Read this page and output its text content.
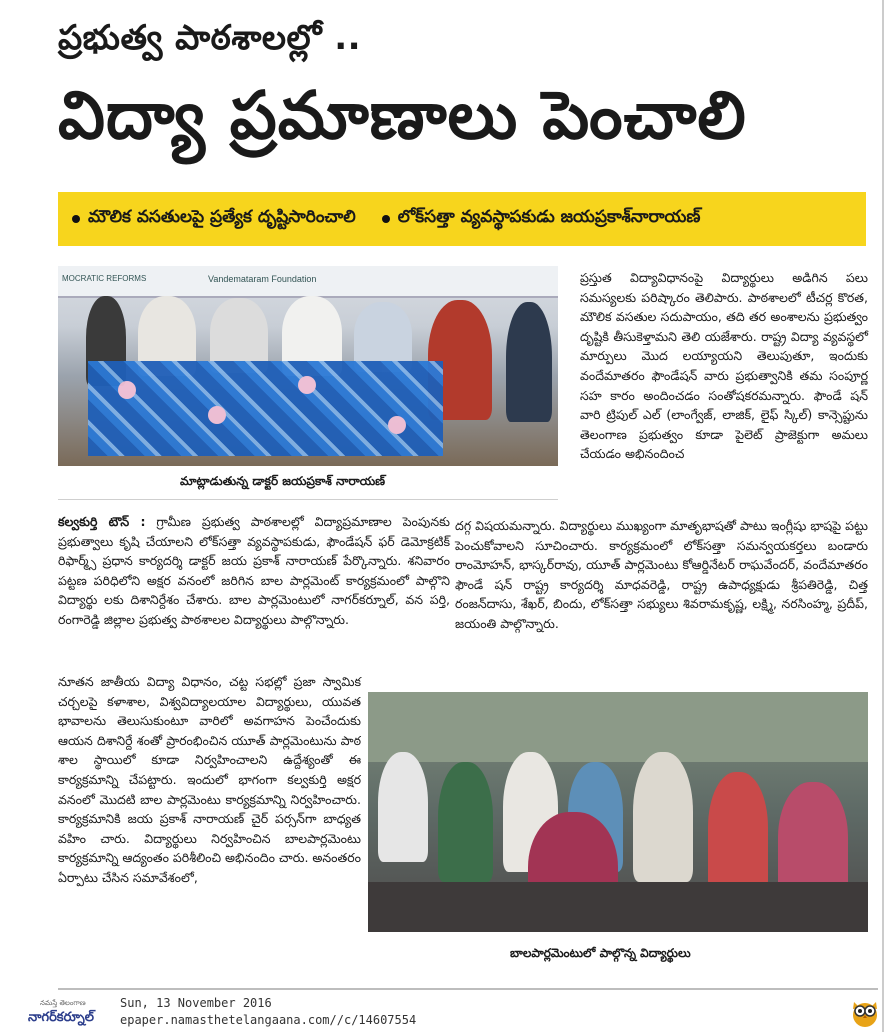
ప్రభుత్వ పాఠశాలల్లో ..
విద్యా ప్రమాణాలు పెంచాలి
మౌలిక వసతులపై ప్రత్యేక దృష్టిసారించాలి లోక్‌సత్తా వ్యవస్థాపకుడు జయప్రకాశ్‌నారాయణ్
MOCRATIC REFORMS	Vandemataram Foundation
మాట్లాడుతున్న డాక్టర్ జయప్రకాశ్ నారాయణ్

ప్రస్తుత విద్యావిధానంపై విద్యార్థులు అడిగిన పలు సమస్యలకు పరిష్కారం తెలిపారు. పాఠశాలలో టీచర్ల కొరత, మౌలిక వసతుల సదుపాయం, తది తర అంశాలను ప్రభుత్వం దృష్టికి తీసుకెళ్తామని తెలి యజేశారు. రాష్ట్ర విద్యా వ్యవస్థలో మార్పులు మొద లయ్యాయని తెలుపుతూ, ఇందుకు వందేమాతరం ఫౌండేషన్ వారు ప్రభుత్వానికి తమ సంపూర్ణ సహ కారం అందించడం సంతోషకరమన్నారు. ఫౌండే షన్ వారి ట్రిపుల్ ఎల్ (లాంగ్వేజ్, లాజిక్, లైఫ్ స్కిల్) కాన్సెప్టును తెలంగాణ ప్రభుత్వం కూడా పైలెట్ ప్రాజెక్టుగా అమలు చేయడం అభినందించ

కల్వకుర్తి టౌన్ : గ్రామీణ ప్రభుత్వ పాఠశాలల్లో విద్యాప్రమాణాల పెంపునకు ప్రభుత్వాలు కృషి చేయాలని లోక్‌సత్తా వ్యవస్థాపకుడు, ఫౌండేషన్ ఫర్ డెమోక్రటిక్ రిఫార్మ్స్ ప్రధాన కార్యదర్శి డాక్టర్ జయ ప్రకాశ్ నారాయణ్ పేర్కొన్నారు. శనివారం పట్టణ పరిధిలోని అక్షర వనంలో జరిగిన బాల పార్లమెంట్ కార్యక్రమంలో పాల్గొని విద్యార్థు లకు దిశానిర్దేశం చేశారు. బాల పార్లమెంటులో నాగర్‌కర్నూల్, వన పర్తి, రంగారెడ్డి జిల్లాల ప్రభుత్వ పాఠశాలల విద్యార్థులు పాల్గొన్నారు.

దగ్గ విషయమన్నారు. విద్యార్థులు ముఖ్యంగా మాతృభాషతో పాటు ఇంగ్లీషు భాషపై పట్టు పెంచుకోవాలని సూచించారు. కార్యక్రమంలో లోక్‌సత్తా సమన్వయకర్తలు బండారు రాంమోహన్, భాస్కర్‌రావు, యూత్ పార్లమెంటు కోఆర్డినేటర్ రాఘవేందర్, వందేమాతరం ఫౌండే షన్ రాష్ట్ర కార్యదర్శి మాధవరెడ్డి, రాష్ట్ర ఉపాధ్యక్షుడు శ్రీపతిరెడ్డి, చిత్త రంజన్‌దాసు, శేఖర్, బిందు, లోక్‌సత్తా సభ్యులు శివరామకృష్ణ, లక్ష్మి, నరసింహ్మ, ప్రదీప్, జయంతి పాల్గొన్నారు.

నూతన జాతీయ విద్యా విధానం, చట్ట సభల్లో ప్రజా స్వామిక చర్చలపై కళాశాల, విశ్వవిద్యాలయాల విద్యార్థులు, యువత భావాలను తెలుసుకుంటూ వారిలో అవగాహన పెంచేందుకు ఆయన దిశానిర్దే శంతో ప్రారంభించిన యూత్ పార్లమెంటును పాఠ శాల స్థాయిలో కూడా నిర్వహించాలని ఉద్దేశ్యంతో ఈ కార్యక్రమాన్ని చేపట్టారు. ఇందులో భాగంగా కల్వకుర్తి అక్షర వనంలో మొదటి బాల పార్లమెంటు కార్యక్రమాన్ని నిర్వహించారు. కార్యక్రమానికి జయ ప్రకాశ్ నారాయణ్ చైర్ పర్సన్‌గా బాధ్యత వహిం చారు. విద్యార్థులు నిర్వహించిన బాలపార్లమెంటు కార్యక్రమాన్ని ఆద్యంతం పరిశీలించి అభినందిం చారు. అనంతరం ఏర్పాటు చేసిన సమావేశంలో,

బాలపార్లమెంటులో పాల్గొన్న విద్యార్థులు
నమస్తే తెలంగాణ
నాగర్‌కర్నూల్
Sun, 13 November 2016
epaper.namasthetelangaana.com//c/14607554
